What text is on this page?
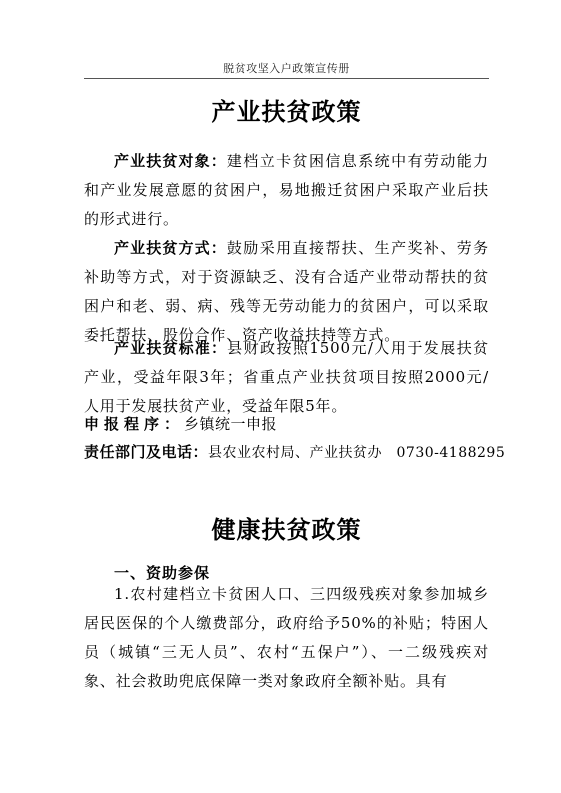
脱贫攻坚入户政策宣传册
产业扶贫政策

产业扶贫对象：建档立卡贫困信息系统中有劳动能力和产业发展意愿的贫困户，易地搬迁贫困户采取产业后扶的形式进行。

产业扶贫方式：鼓励采用直接帮扶、生产奖补、劳务补助等方式，对于资源缺乏、没有合适产业带动帮扶的贫困户和老、弱、病、残等无劳动能力的贫困户，可以采取委托帮扶、股份合作、资产收益扶持等方式。

产业扶贫标准：县财政按照1500元/人用于发展扶贫产业，受益年限3年；省重点产业扶贫项目按照2000元/人用于发展扶贫产业，受益年限5年。

申报程序：乡镇统一申报
责任部门及电话：县农业农村局、产业扶贫办　0730-4188295
健康扶贫政策
一、资助参保

1.农村建档立卡贫困人口、三四级残疾对象参加城乡居民医保的个人缴费部分，政府给予50%的补贴；特困人员（城镇“三无人员”、农村“五保户”）、一二级残疾对象、社会救助兜底保障一类对象政府全额补贴。具有
